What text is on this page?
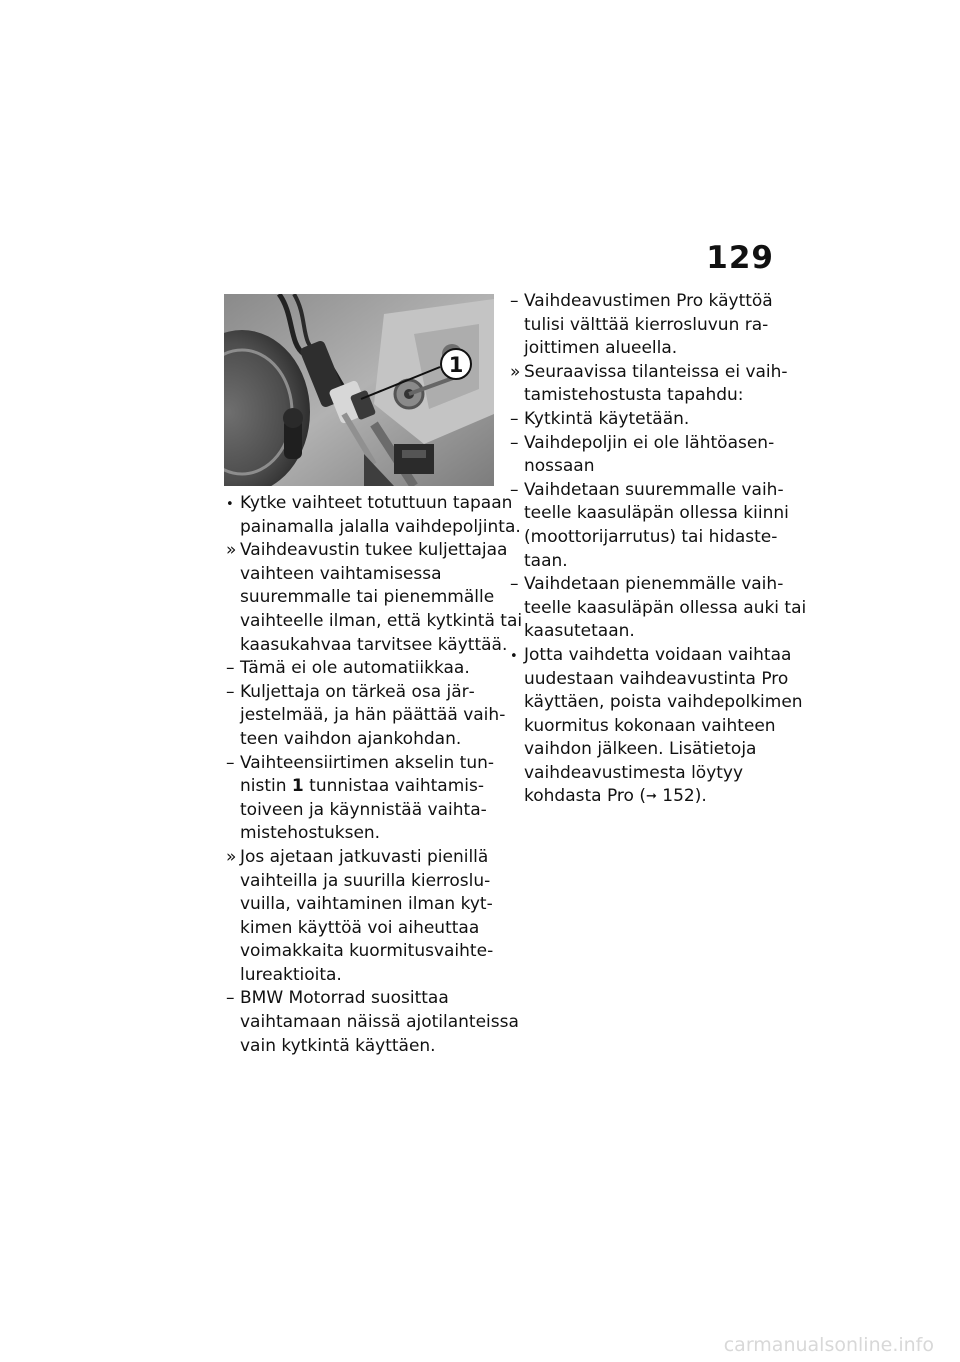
129
1
• Kytke vaihteet totuttuun tapaan painamalla jalalla vaihdepoljinta.
» Vaihdeavustin tukee kuljettajaa vaihteen vaihtamisessa suuremmalle tai pienemmälle vaihteelle ilman, että kytkintä tai kaasukahvaa tarvitsee käyttää.
– Tämä ei ole automatiikkaa.
– Kuljettaja on tärkeä osa järjestelmää, ja hän päättää vaihteen vaihdon ajankohdan.
– Vaihteensiirtimen akselin tunnistin 1 tunnistaa vaihtamistoiveen ja käynnistää vaihtamistehostuksen.
» Jos ajetaan jatkuvasti pienillä vaihteilla ja suurilla kierrosluvuilla, vaihtaminen ilman kytkimen käyttöä voi aiheuttaa voimakkaita kuormitusvaihtelureaktioita.
– BMW Motorrad suosittaa vaihtamaan näissä ajotilanteissa vain kytkintä käyttäen.
– Vaihdeavustimen Pro käyttöä tulisi välttää kierrosluvun rajoittimen alueella.
» Seuraavissa tilanteissa ei vaihtamistehostusta tapahdu:
– Kytkintä käytetään.
– Vaihdepoljin ei ole lähtöasennossaan
– Vaihdetaan suuremmalle vaihteelle kaasuläpän ollessa kiinni (moottorijarrutus) tai hidastetaan.
– Vaihdetaan pienemmälle vaihteelle kaasuläpän ollessa auki tai kaasutetaan.
• Jotta vaihdetta voidaan vaihtaa uudestaan vaihdeavustinta Pro käyttäen, poista vaihdepolkimen kuormitus kokonaan vaihteen vaihdon jälkeen. Lisätietoja vaihdeavustimesta löytyy kohdasta Pro (➞ 152).
carmanualsonline.info
